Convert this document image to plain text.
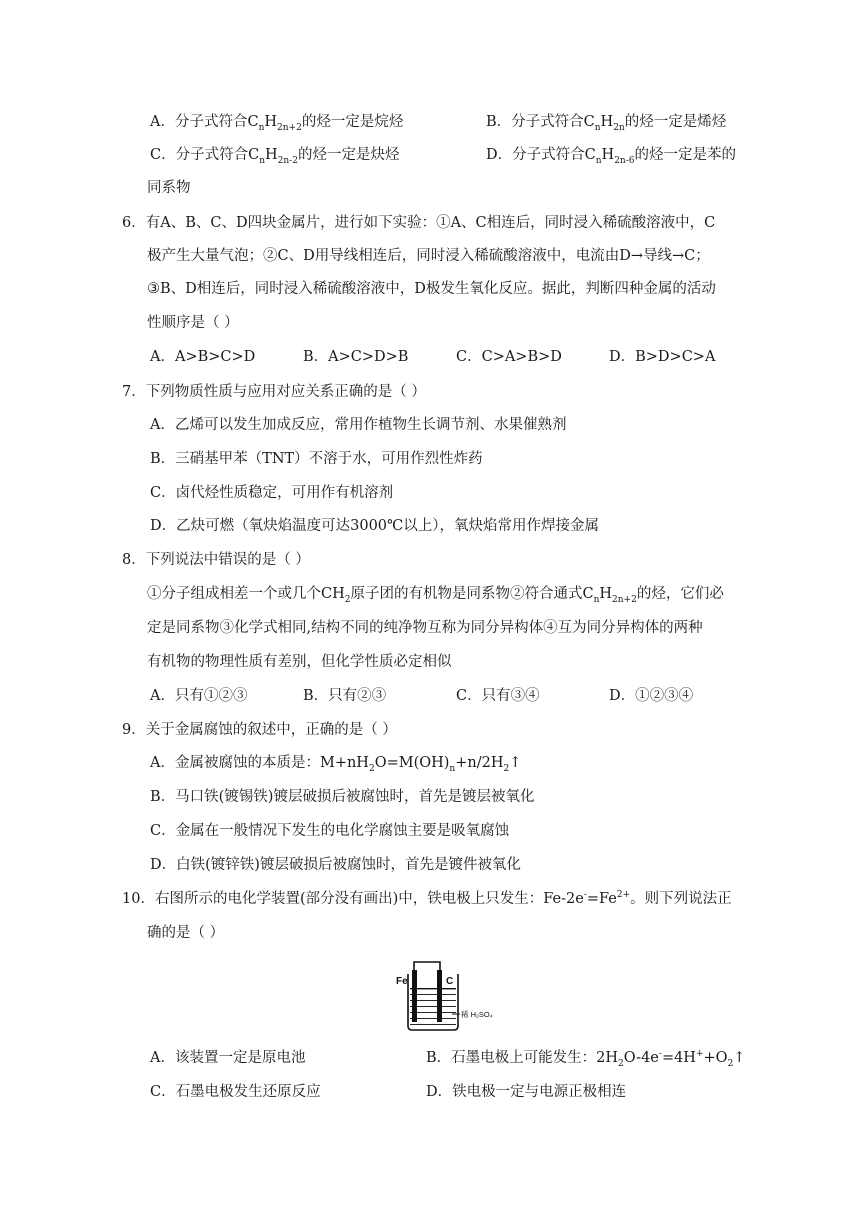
A．分子式符合$C_nH_{2n+2}$的烃一定是烷烃	B．分子式符合$C_nH_{2n}$的烃一定是烯烃
C．分子式符合$C_nH_{2n-2}$的烃一定是炔烃	D．分子式符合$C_nH_{2n-6}$的烃一定是苯的
同系物
6．有A、B、C、D四块金属片，进行如下实验：①A、C相连后，同时浸入稀硫酸溶液中，C
极产生大量气泡；②C、D用导线相连后，同时浸入稀硫酸溶液中，电流由D→导线→C；
③B、D相连后，同时浸入稀硫酸溶液中，D极发生氧化反应。据此，判断四种金属的活动
性顺序是（ ）
A．A>B>C>D	B．A>C>D>B	C．C>A>B>D	D．B>D>C>A
7．下列物质性质与应用对应关系正确的是（ ）
A．乙烯可以发生加成反应，常用作植物生长调节剂、水果催熟剂
B．三硝基甲苯（TNT）不溶于水，可用作烈性炸药
C．卤代烃性质稳定，可用作有机溶剂
D．乙炔可燃（氧炔焰温度可达3000℃以上），氧炔焰常用作焊接金属
8．下列说法中错误的是（ ）
①分子组成相差一个或几个$CH_2$原子团的有机物是同系物②符合通式$C_nH_{2n+2}$的烃，它们必
定是同系物③化学式相同,结构不同的纯净物互称为同分异构体④互为同分异构体的两种
有机物的物理性质有差别，但化学性质必定相似
A．只有①②③	B．只有②③	C．只有③④	D．①②③④
9．关于金属腐蚀的叙述中，正确的是（ ）
A．金属被腐蚀的本质是：$M+nH_2O=M(OH)_n+n/2H_2↑$
B．马口铁(镀锡铁)镀层破损后被腐蚀时，首先是镀层被氧化
C．金属在一般情况下发生的电化学腐蚀主要是吸氧腐蚀
D．白铁(镀锌铁)镀层破损后被腐蚀时，首先是镀件被氧化
10．右图所示的电化学装置(部分没有画出)中，铁电极上只发生：$Fe-2e^-=Fe^{2+}$。则下列说法正
确的是（ ）
Fe	C
稀 H₂SO₄
A．该装置一定是原电池	B．石墨电极上可能发生：$2H_2O-4e^-=4H^++O_2↑$
C．石墨电极发生还原反应	D．铁电极一定与电源正极相连
